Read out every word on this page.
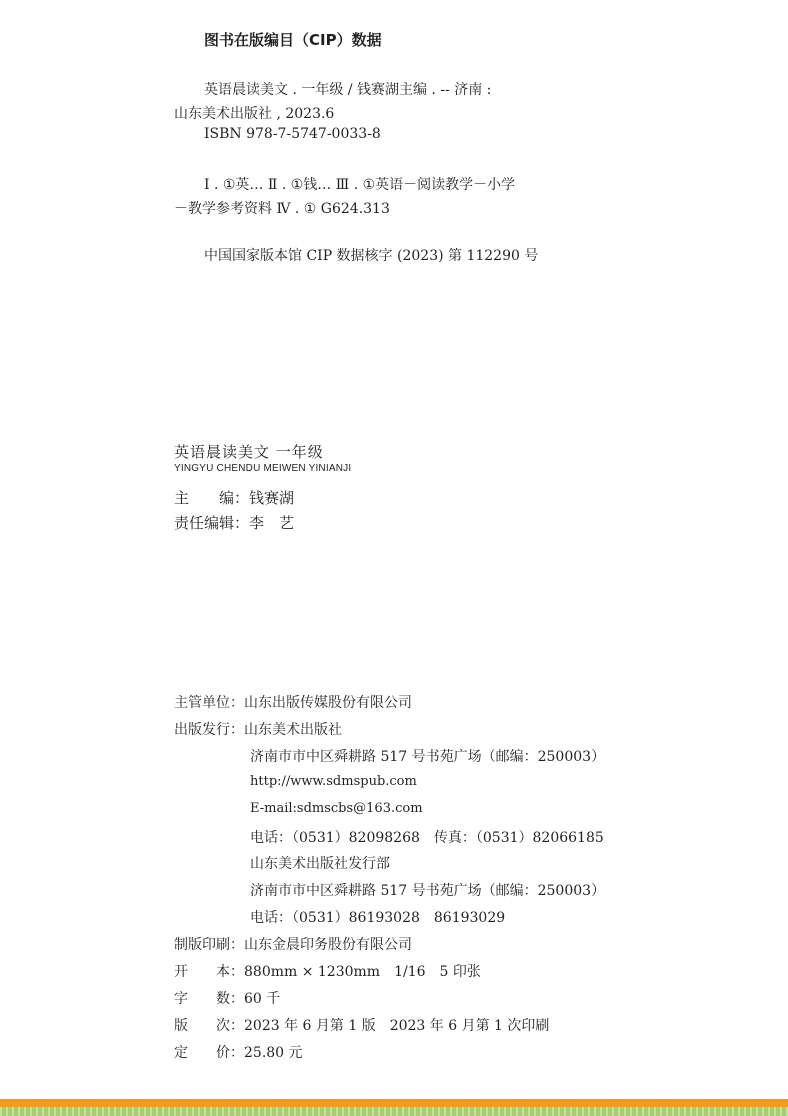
图书在版编目（CIP）数据
英语晨读美文 . 一年级 / 钱赛湖主编 . -- 济南 :
山东美术出版社 , 2023.6
ISBN 978-7-5747-0033-8
Ⅰ . ①英… Ⅱ . ①钱… Ⅲ . ①英语－阅读教学－小学
－教学参考资料 Ⅳ . ① G624.313
中国国家版本馆 CIP 数据核字 (2023) 第 112290 号
英语晨读美文 一年级
YINGYU CHENDU MEIWEN YINIANJI
主　　编：钱赛湖
责任编辑：李　艺
主管单位：山东出版传媒股份有限公司
出版发行：山东美术出版社
济南市市中区舜耕路 517 号书苑广场（邮编：250003）
http://www.sdmspub.com
E-mail:sdmscbs@163.com
电话：（0531）82098268　传真：（0531）82066185
山东美术出版社发行部
济南市市中区舜耕路 517 号书苑广场（邮编：250003）
电话：（0531）86193028　86193029
制版印刷：山东金晨印务股份有限公司
开　　本：880mm × 1230mm　1/16　5 印张
字　　数：60 千
版　　次：2023 年 6 月第 1 版　2023 年 6 月第 1 次印刷
定　　价：25.80 元
